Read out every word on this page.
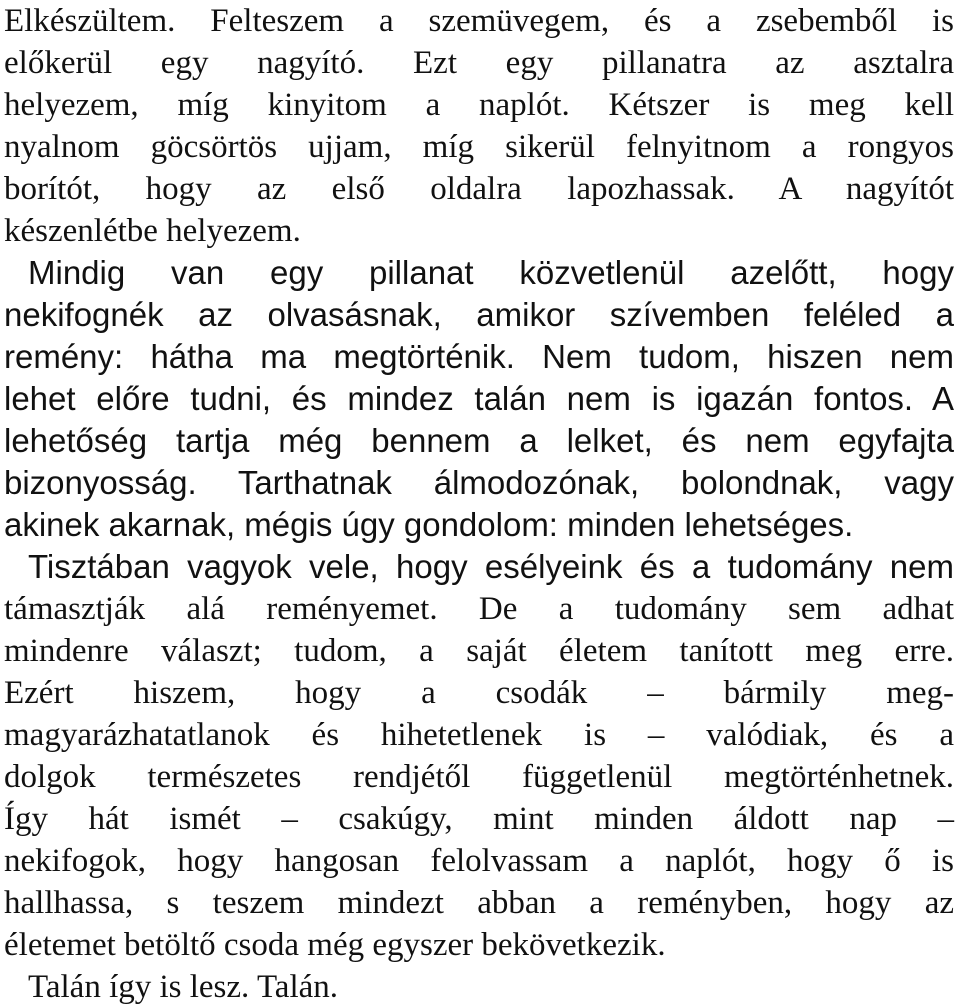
Elkészültem. Felteszem a szemüvegem, és a zsebemből is
előkerül egy nagyító. Ezt egy pillanatra az asztalra
helyezem, míg kinyitom a naplót. Kétszer is meg kell
nyalnom göcsörtös ujjam, míg sikerül felnyitnom a rongyos
borítót, hogy az első oldalra lapozhassak. A nagyítót
készenlétbe helyezem.
Mindig van egy pillanat közvetlenül azelőtt, hogy
nekifognék az olvasásnak, amikor szívemben feléled a
remény: hátha ma megtörténik. Nem tudom, hiszen nem
lehet előre tudni, és mindez talán nem is igazán fontos. A
lehetőség tartja még bennem a lelket, és nem egyfajta
bizonyosság. Tarthatnak álmodozónak, bolondnak, vagy
akinek akarnak, mégis úgy gondolom: minden lehetséges.
Tisztában vagyok vele, hogy esélyeink és a tudomány nem
támasztják alá reményemet. De a tudomány sem adhat
mindenre választ; tudom, a saját életem tanított meg erre.
Ezért hiszem, hogy a csodák – bármily meg-
magyarázhatatlanok és hihetetlenek is – valódiak, és a
dolgok természetes rendjétől függetlenül megtörténhetnek.
Így hát ismét – csakúgy, mint minden áldott nap –
nekifogok, hogy hangosan felolvassam a naplót, hogy ő is
hallhassa, s teszem mindezt abban a reményben, hogy az
életemet betöltő csoda még egyszer bekövetkezik.
Talán így is lesz. Talán.
